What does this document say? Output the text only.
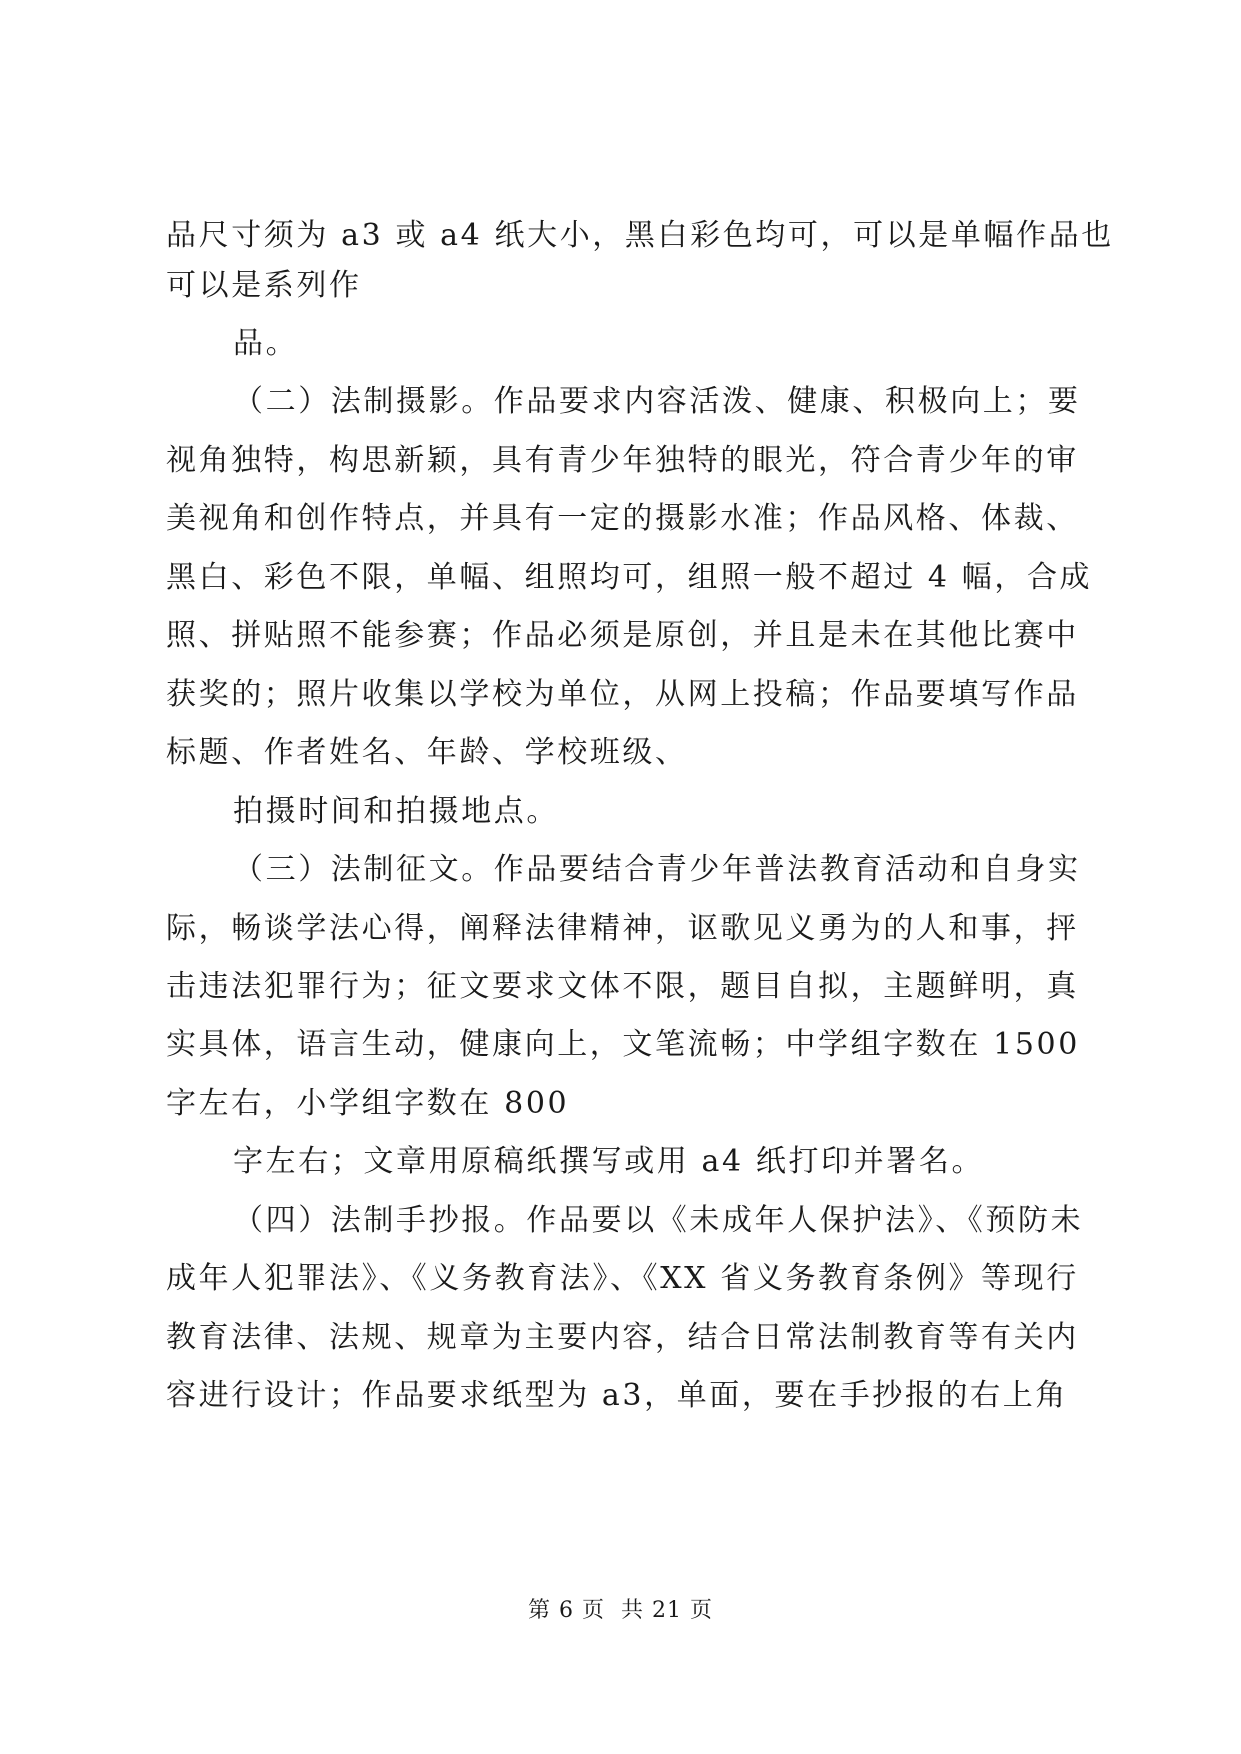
品尺寸须为 a3 或 a4 纸大小，黑白彩色均可，可以是单幅作品也
可以是系列作
品。
（二）法制摄影。作品要求内容活泼、健康、积极向上；要
视角独特，构思新颖，具有青少年独特的眼光，符合青少年的审
美视角和创作特点，并具有一定的摄影水准；作品风格、体裁、
黑白、彩色不限，单幅、组照均可，组照一般不超过 4 幅，合成
照、拼贴照不能参赛；作品必须是原创，并且是未在其他比赛中
获奖的；照片收集以学校为单位，从网上投稿；作品要填写作品
标题、作者姓名、年龄、学校班级、
拍摄时间和拍摄地点。
（三）法制征文。作品要结合青少年普法教育活动和自身实
际，畅谈学法心得，阐释法律精神，讴歌见义勇为的人和事，抨
击违法犯罪行为；征文要求文体不限，题目自拟，主题鲜明，真
实具体，语言生动，健康向上，文笔流畅；中学组字数在 1500
字左右，小学组字数在 800
字左右；文章用原稿纸撰写或用 a4 纸打印并署名。
（四）法制手抄报。作品要以《未成年人保护法》、《预防未
成年人犯罪法》、《义务教育法》、《XX 省义务教育条例》等现行
教育法律、法规、规章为主要内容，结合日常法制教育等有关内
容进行设计；作品要求纸型为 a3，单面，要在手抄报的右上角
第 6 页 共 21 页
